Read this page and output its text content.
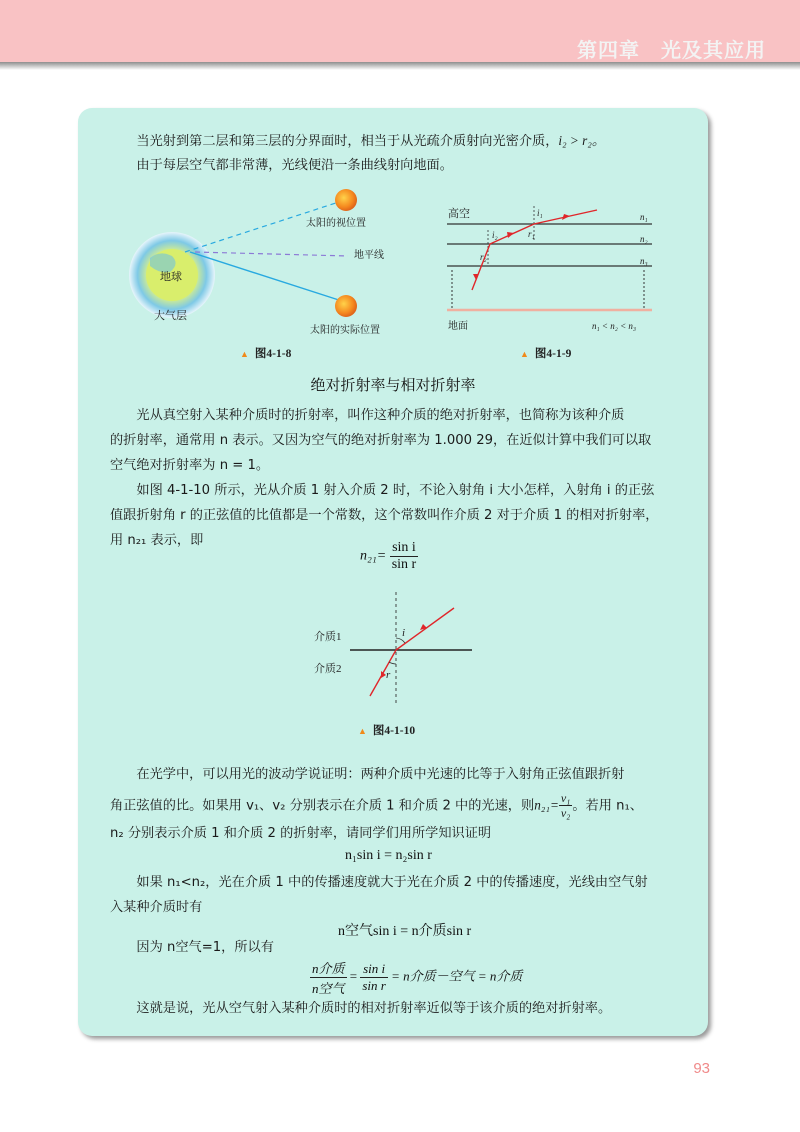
第四章　光及其应用
当光射到第二层和第三层的分界面时，相当于从光疏介质射向光密介质，i₂ > r₂。
由于每层空气都非常薄，光线便沿一条曲线射向地面。
太阳的视位置
地平线
地球
大气层
太阳的实际位置
▲ 图4-1-8
高空	i₁
r₁
i₂
r₂
n₁
n₂
n₃
地面	n₁ < n₂ < n₃
▲ 图4-1-9
绝对折射率与相对折射率
光从真空射入某种介质时的折射率，叫作这种介质的绝对折射率，也简称为该种介质
的折射率，通常用 n 表示。又因为空气的绝对折射率为 1.000 29，在近似计算中我们可以取
空气绝对折射率为 n = 1。
如图 4-1-10 所示，光从介质 1 射入介质 2 时，不论入射角 i 大小怎样，入射角 i 的正弦
值跟折射角 r 的正弦值的比值都是一个常数，这个常数叫作介质 2 对于介质 1 的相对折射率，
用 n₂₁ 表示，即
$n_{21}= \frac{\text{sin i}}{\text{sin r}}$
介质1
介质2
i
r
▲ 图4-1-10
在光学中，可以用光的波动学说证明：两种介质中光速的比等于入射角正弦值跟折射
角正弦值的比。如果用 v₁、v₂ 分别表示在介质 1 和介质 2 中的光速，则$n_{21}= \frac{\text{v₁}}{\text{v₂}}$ 。若用 n₁、
n₂ 分别表示介质 1 和介质 2 的折射率，请同学们用所学知识证明
n₁sin i = n₂sin r
如果 n₁<n₂，光在介质 1 中的传播速度就大于光在介质 2 中的传播速度，光线由空气射
入某种介质时有
n空气sin i = n介质sin r
因为 n空气=1，所以有
$\frac{\text{n介质}}{\text{n空气}} = \frac{\text{sin i}}{\text{sin r}} = n$介质－空气 = n介质
这就是说，光从空气射入某种介质时的相对折射率近似等于该介质的绝对折射率。
93
